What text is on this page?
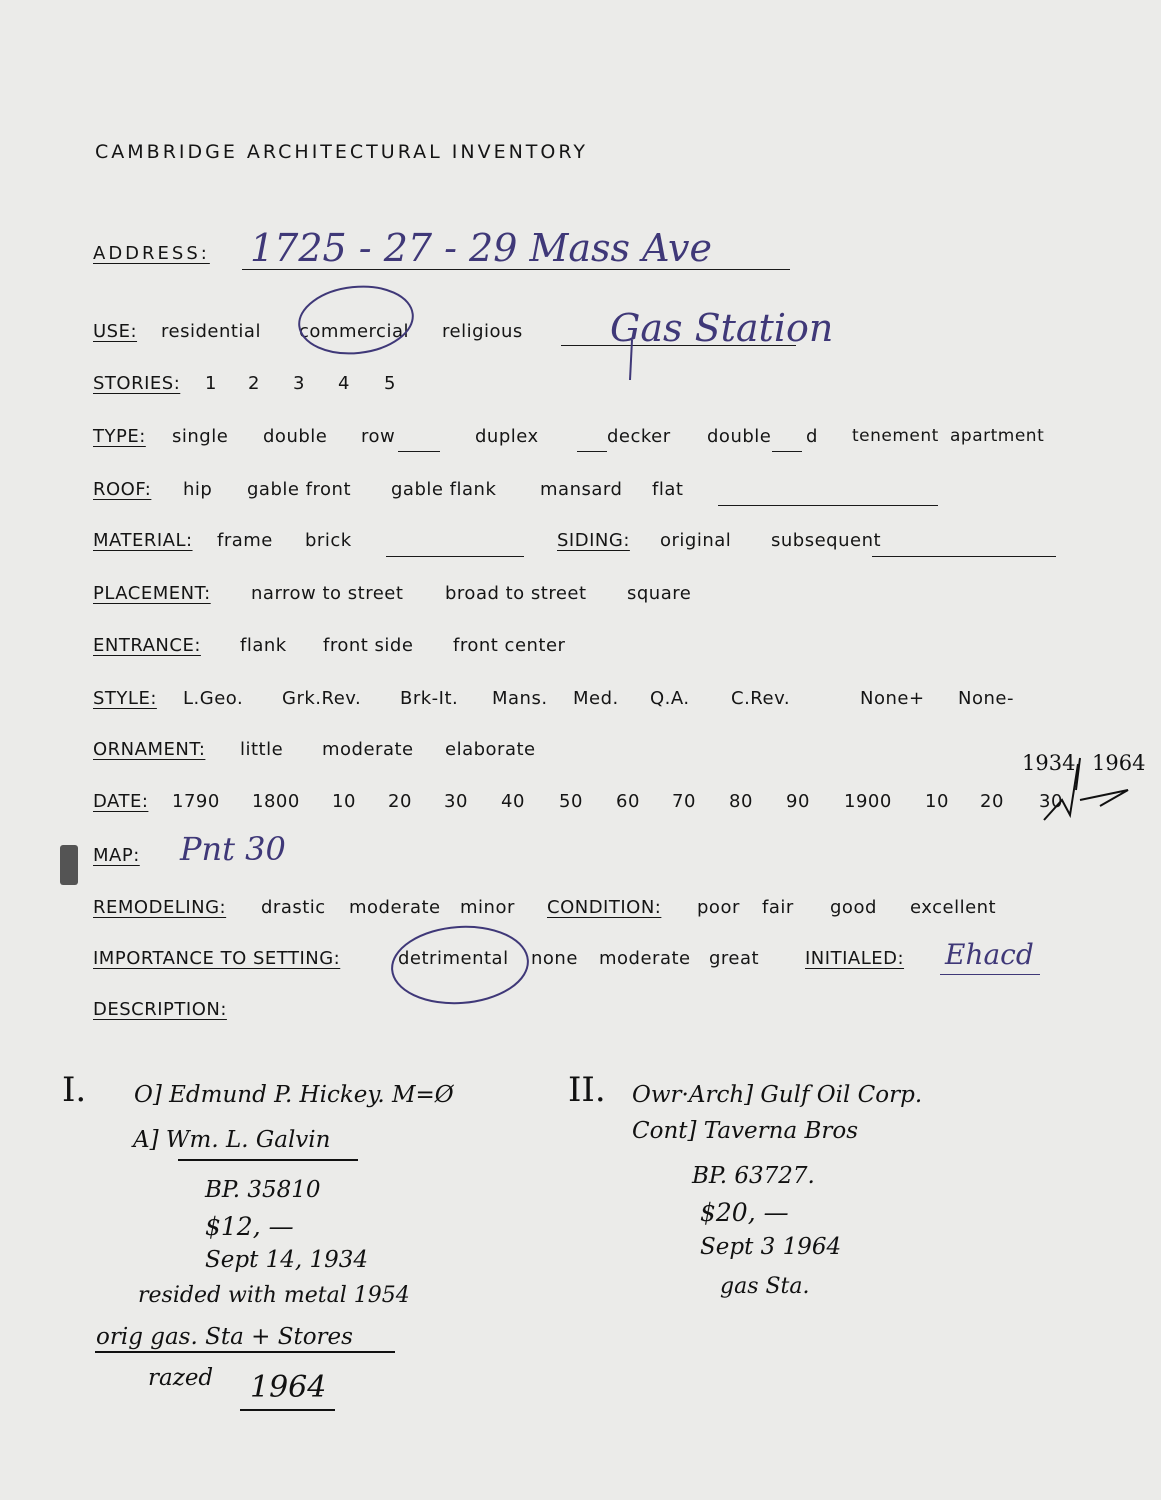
CAMBRIDGE ARCHITECTURAL INVENTORY
ADDRESS: 1725 - 27 - 29 Mass Ave
USE: residential commercial religious Gas Station
STORIES: 1 2 3 4 5
TYPE: single double row	duplex	decker double d tenement apartment
ROOF: hip gable front gable flank mansard flat
MATERIAL: frame brick	SIDING: original subsequent
PLACEMENT: narrow to street broad to street square
ENTRANCE: flank front side front center
STYLE: L.Geo. Grk.Rev. Brk-It. Mans. Med. Q.A. C.Rev.	None+ None-
ORNAMENT: little moderate elaborate
1934 1964
DATE: 1790 1800 10 20 30 40 50 60 70 80 90 1900 10 20 30
MAP: Pnt 30
REMODELING: drastic moderate minor CONDITION: poor fair good excellent
IMPORTANCE TO SETTING:	detrimental none moderate great	INITIALED: Ehacd
DESCRIPTION:
I. O] Edmund P. Hickey. M=Ø
A] Wm. L. Galvin
BP. 35810
$12, —
Sept 14, 1934
resided with metal 1954
orig gas. Sta + Stores
razed 1964
II. Owr·Arch] Gulf Oil Corp.
Cont] Taverna Bros
BP. 63727.
$20, —
Sept 3 1964
gas Sta.
